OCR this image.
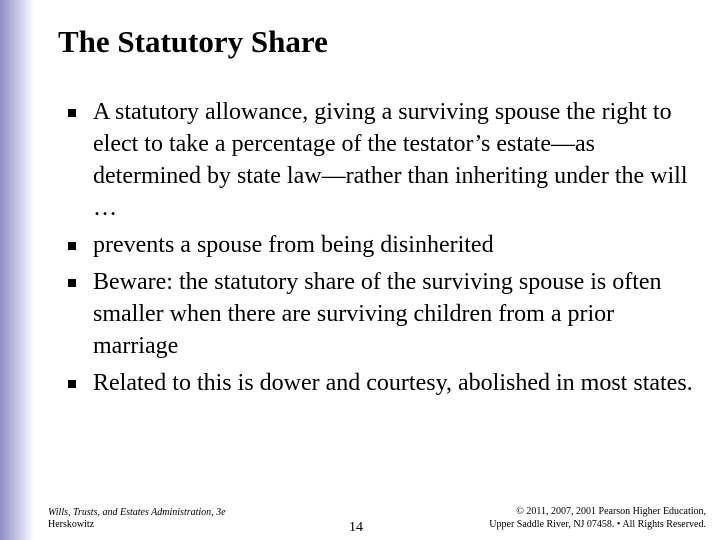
The Statutory Share
A statutory allowance, giving a surviving spouse the right to elect to take a percentage of the testator’s estate—as determined by state law—rather than inheriting under the will …
prevents a spouse from being disinherited
Beware: the statutory share of the surviving spouse is often smaller when there are surviving children from a prior marriage
Related to this is dower and courtesy, abolished in most states.
Wills, Trusts, and Estates Administration, 3e
Herskowitz	14
© 2011, 2007, 2001 Pearson Higher Education,
Upper Saddle River, NJ 07458. • All Rights Reserved.
